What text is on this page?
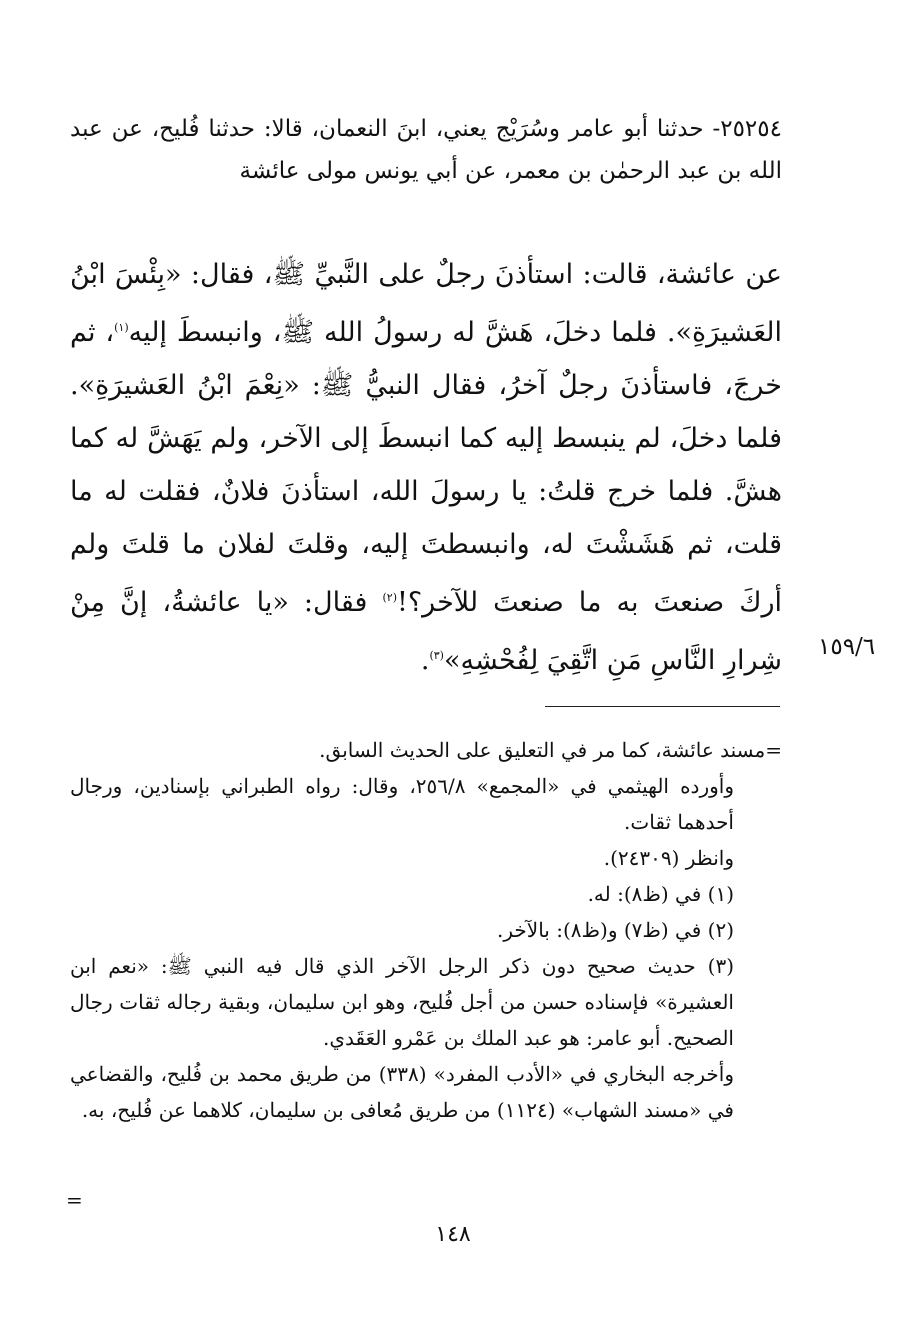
٢٥٢٥٤- حدثنا أبو عامر وسُرَيْج يعني، ابنَ النعمان، قالا: حدثنا فُليح، عن عبد الله بن عبد الرحمٰن بن معمر، عن أبي يونس مولى عائشة

عن عائشة، قالت: استأذنَ رجلٌ على النَّبيِّ ﷺ، فقال: «بِئْسَ ابْنُ العَشيرَةِ». فلما دخلَ، هَشَّ له رسولُ الله ﷺ، وانبسطَ إليه$^{(١)}$، ثم خرجَ، فاستأذنَ رجلٌ آخرُ، فقال النبيُّ ﷺ: «نِعْمَ ابْنُ العَشيرَةِ». فلما دخلَ، لم ينبسط إليه كما انبسطَ إلى الآخر، ولم يَهَشَّ له كما هشَّ. فلما خرج قلتُ: يا رسولَ الله، استأذنَ فلانٌ، فقلت له ما قلت، ثم هَشَشْتَ له، وانبسطتَ إليه، وقلتَ لفلان ما قلتَ ولم أركَ صنعتَ به ما صنعتَ للآخر؟!$^{(٢)}$ فقال: «يا عائشةُ، إنَّ مِنْ شِرارِ النَّاسِ مَنِ اتَّقِيَ لِفُحْشِهِ»$^{(٣)}$.	١٥٩/٦

=مسند عائشة، كما مر في التعليق على الحديث السابق.

وأورده الهيثمي في «المجمع» ٢٥٦/٨، وقال: رواه الطبراني بإسنادين، ورجال أحدهما ثقات.

وانظر (٢٤٣٠٩).

(١) في (ظ٨): له.

(٢) في (ظ٧) و(ظ٨): بالآخر.

(٣) حديث صحيح دون ذكر الرجل الآخر الذي قال فيه النبي ﷺ: «نعم ابن العشيرة» فإسناده حسن من أجل فُليح، وهو ابن سليمان، وبقية رجاله ثقات رجال الصحيح. أبو عامر: هو عبد الملك بن عَمْرو العَقَدي.

وأخرجه البخاري في «الأدب المفرد» (٣٣٨) من طريق محمد بن فُليح، والقضاعي في «مسند الشهاب» (١١٢٤) من طريق مُعافى بن سليمان، كلاهما عن فُليح، به.

=
١٤٨
